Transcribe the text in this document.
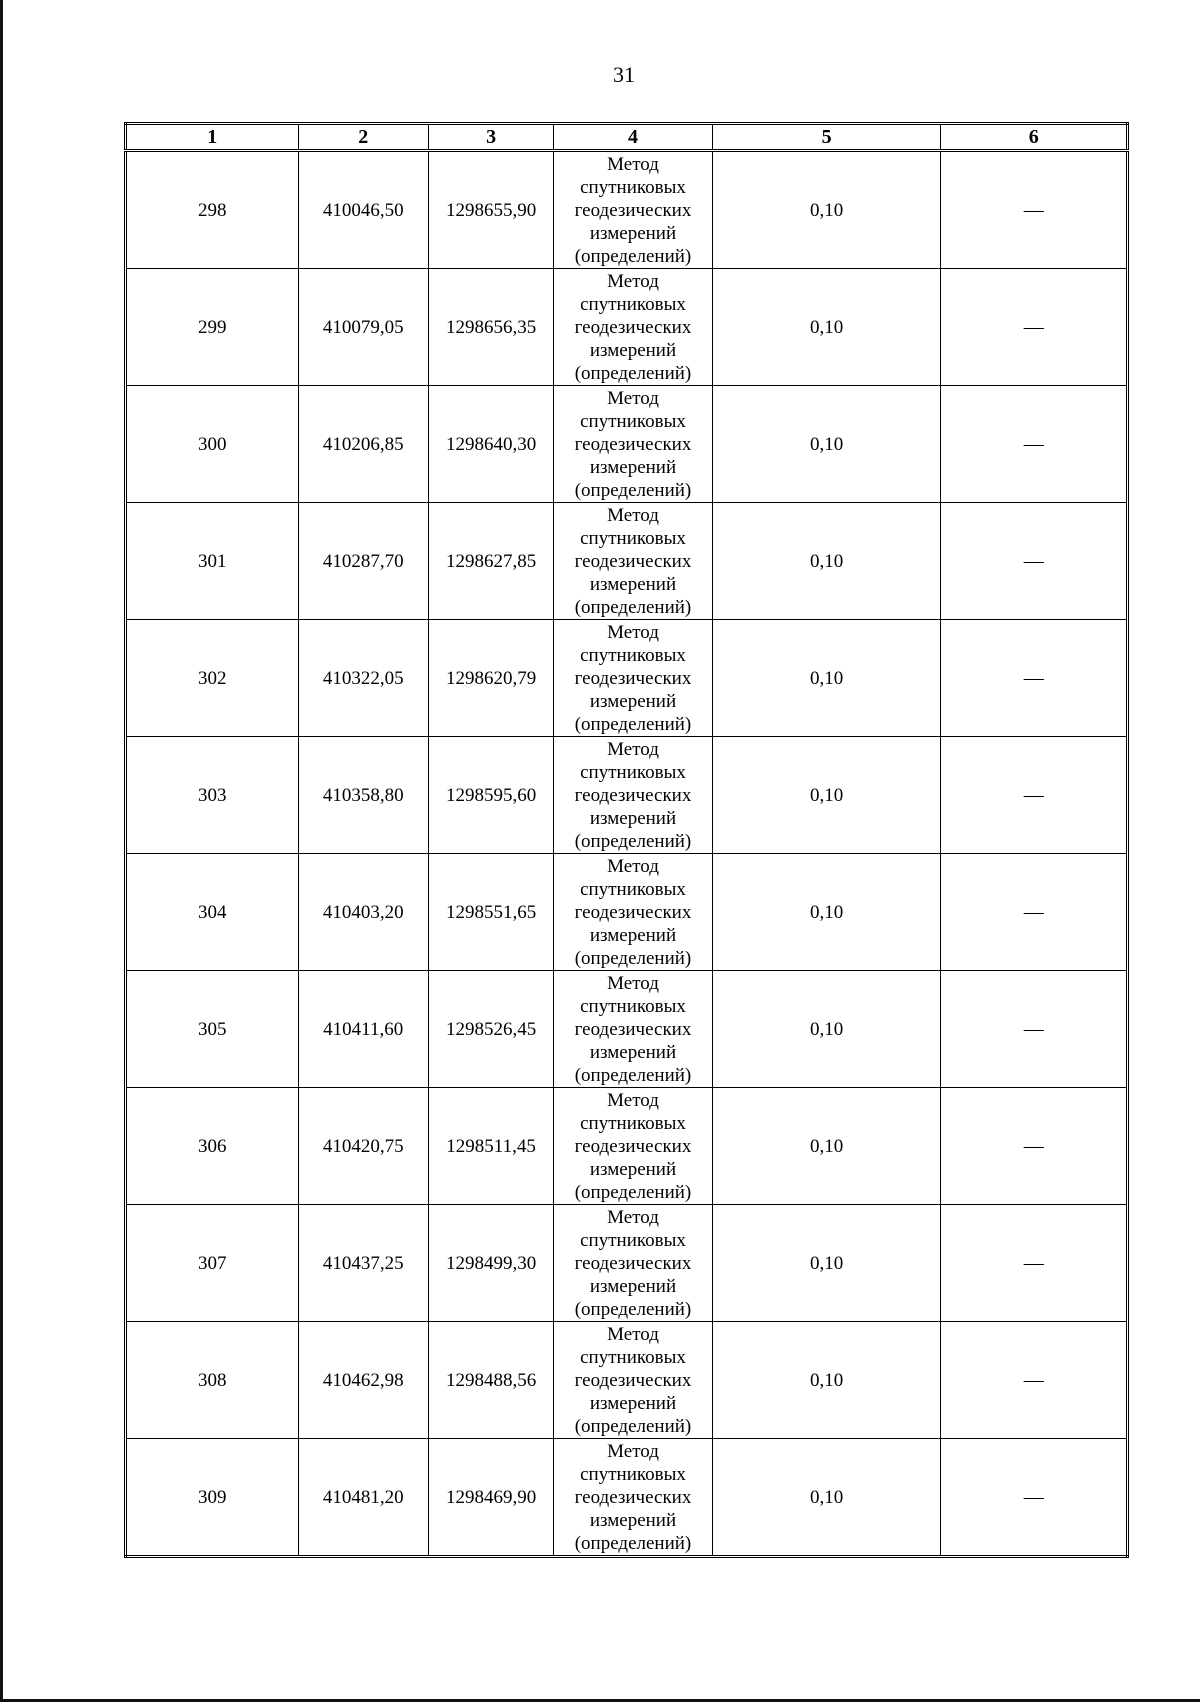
31
1	2	3	4	5	6
298	410046,50	1298655,90	Метод
спутниковых
геодезических
измерений
(определений)	0,10	—
299	410079,05	1298656,35	Метод
спутниковых
геодезических
измерений
(определений)	0,10	—
300	410206,85	1298640,30	Метод
спутниковых
геодезических
измерений
(определений)	0,10	—
301	410287,70	1298627,85	Метод
спутниковых
геодезических
измерений
(определений)	0,10	—
302	410322,05	1298620,79	Метод
спутниковых
геодезических
измерений
(определений)	0,10	—
303	410358,80	1298595,60	Метод
спутниковых
геодезических
измерений
(определений)	0,10	—
304	410403,20	1298551,65	Метод
спутниковых
геодезических
измерений
(определений)	0,10	—
305	410411,60	1298526,45	Метод
спутниковых
геодезических
измерений
(определений)	0,10	—
306	410420,75	1298511,45	Метод
спутниковых
геодезических
измерений
(определений)	0,10	—
307	410437,25	1298499,30	Метод
спутниковых
геодезических
измерений
(определений)	0,10	—
308	410462,98	1298488,56	Метод
спутниковых
геодезических
измерений
(определений)	0,10	—
309	410481,20	1298469,90	Метод
спутниковых
геодезических
измерений
(определений)	0,10	—
